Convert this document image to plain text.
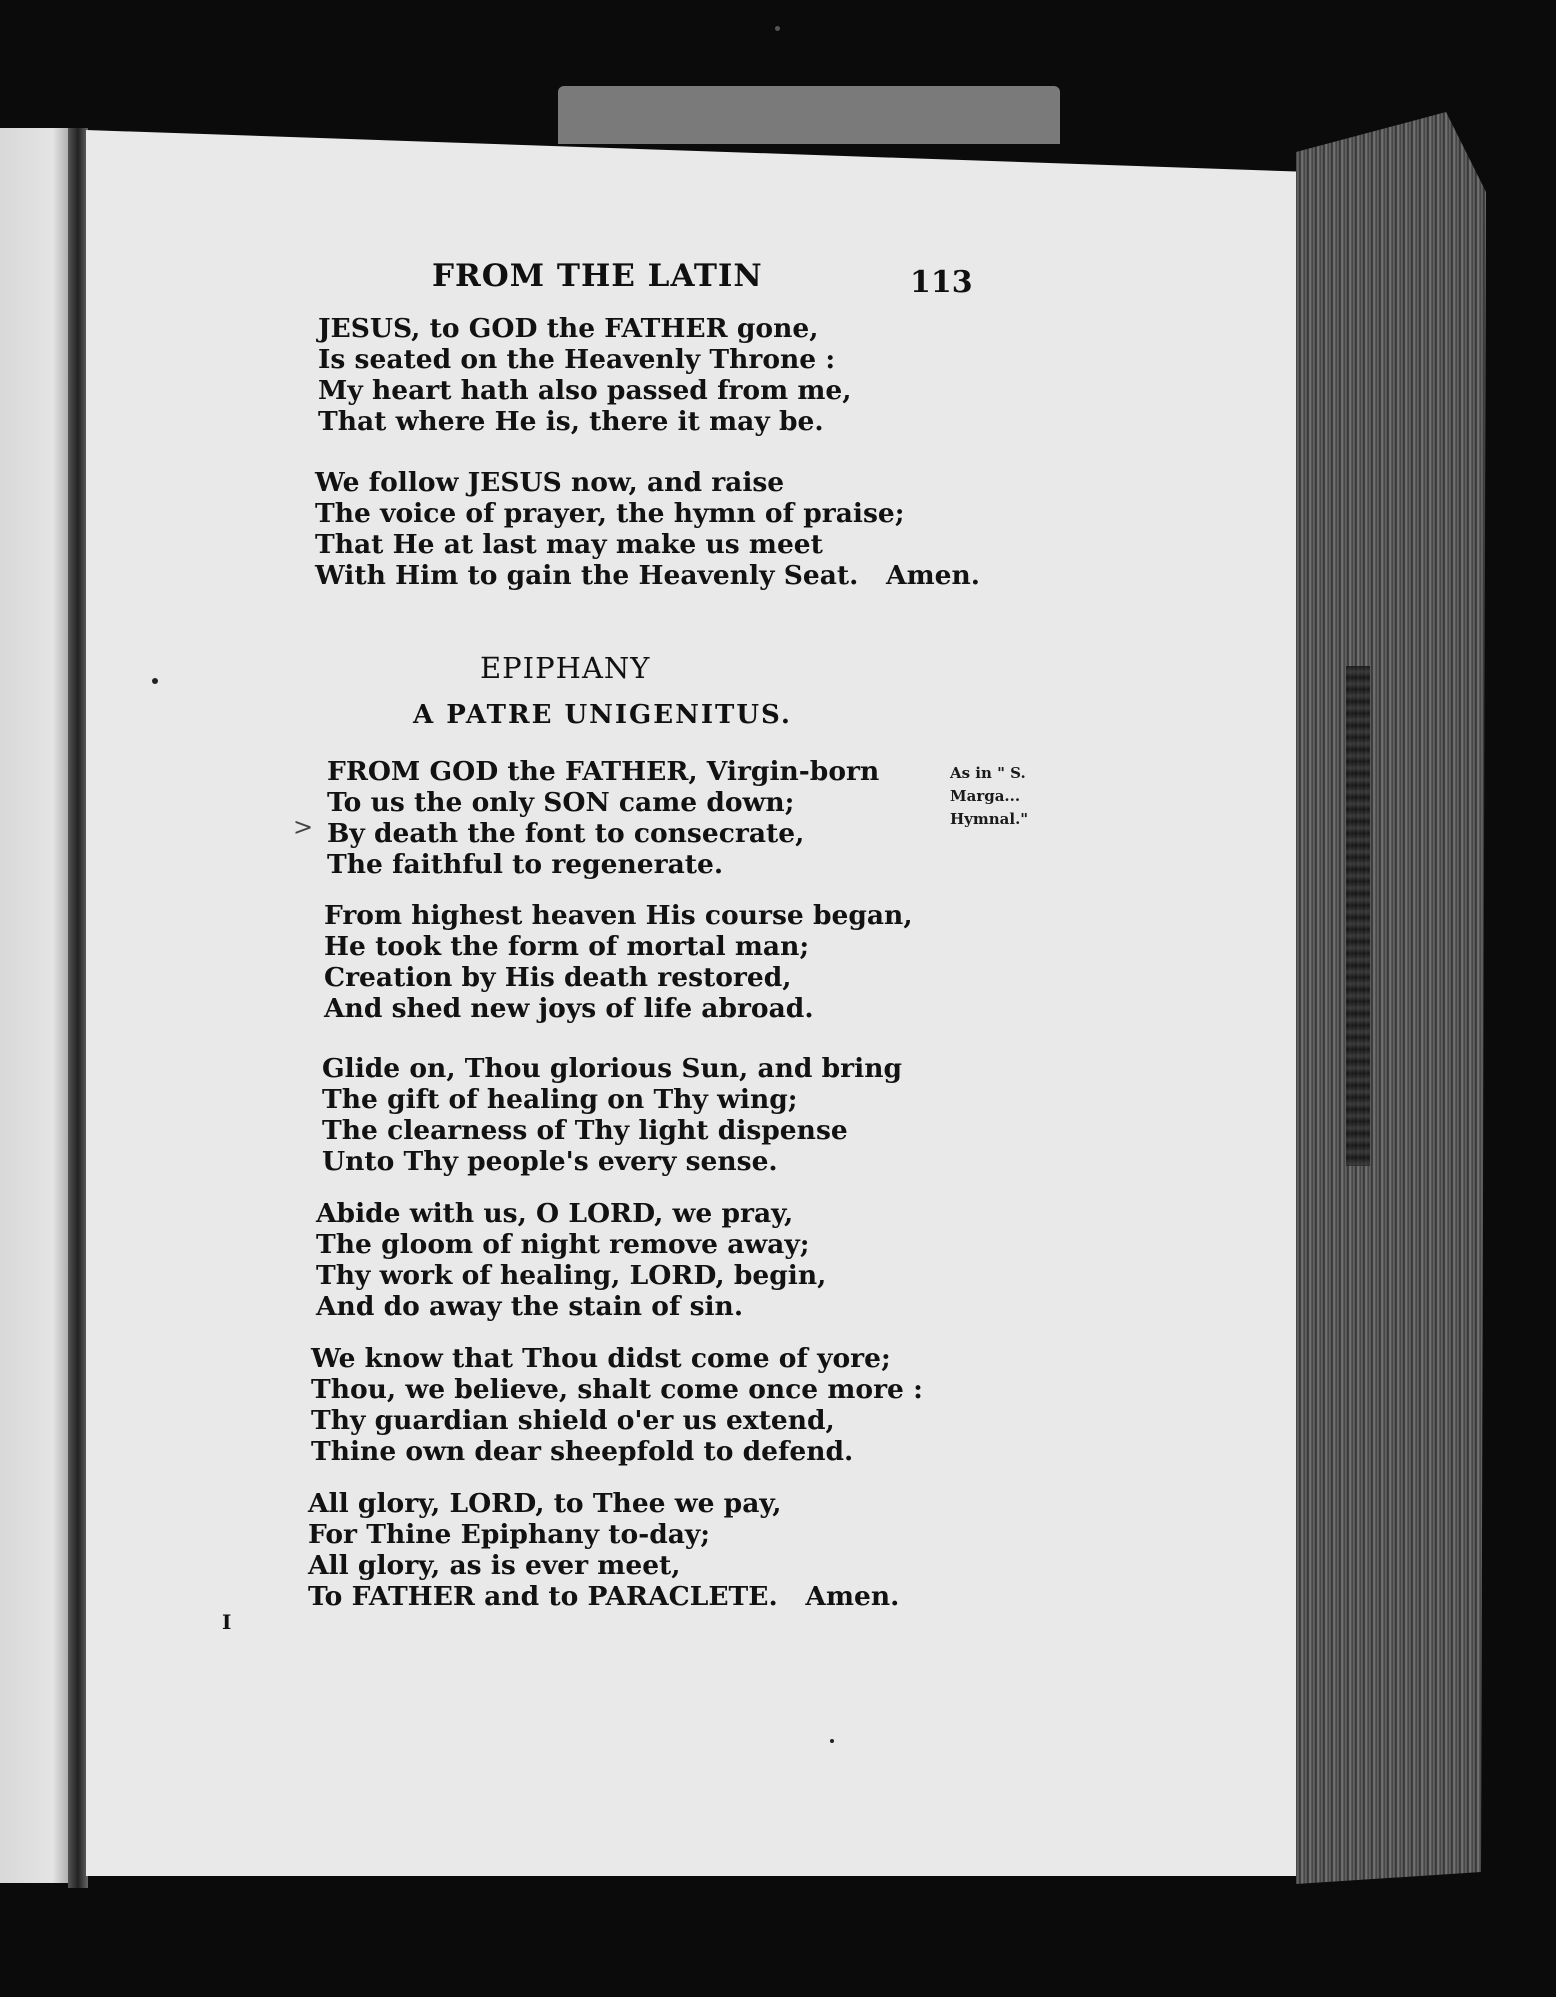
FROM THE LATIN	113
JESUS, to GOD the FATHER gone,
Is seated on the Heavenly Throne :
My heart hath also passed from me,
That where He is, there it may be.
We follow JESUS now, and raise
The voice of prayer, the hymn of praise;
That He at last may make us meet
With Him to gain the Heavenly Seat.   Amen.
EPIPHANY
A PATRE UNIGENITUS.
As in " S.
Marga...
Hymnal."
>
FROM GOD the FATHER, Virgin-born
To us the only SON came down;
By death the font to consecrate,
The faithful to regenerate.
From highest heaven His course began,
He took the form of mortal man;
Creation by His death restored,
And shed new joys of life abroad.
Glide on, Thou glorious Sun, and bring
The gift of healing on Thy wing;
The clearness of Thy light dispense
Unto Thy people's every sense.
Abide with us, O LORD, we pray,
The gloom of night remove away;
Thy work of healing, LORD, begin,
And do away the stain of sin.
We know that Thou didst come of yore;
Thou, we believe, shalt come once more :
Thy guardian shield o'er us extend,
Thine own dear sheepfold to defend.
All glory, LORD, to Thee we pay,
For Thine Epiphany to-day;
All glory, as is ever meet,
To FATHER and to PARACLETE.   Amen.
I
